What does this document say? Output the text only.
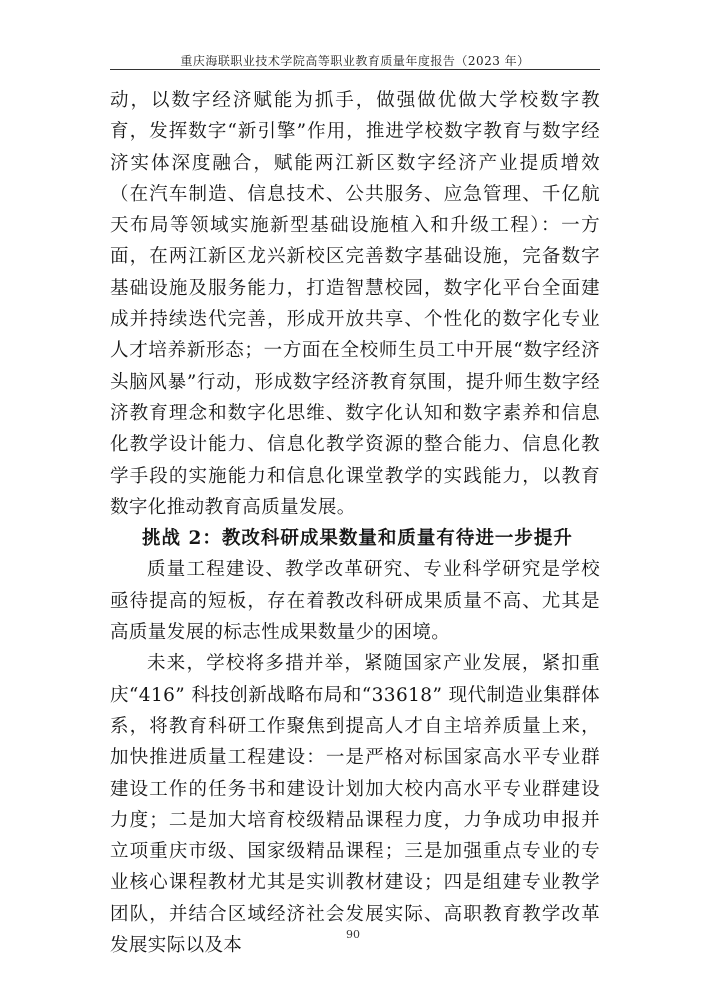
重庆海联职业技术学院高等职业教育质量年度报告（2023 年）

动，以数字经济赋能为抓手，做强做优做大学校数字教育，发挥数字“新引擎”作用，推进学校数字教育与数字经济实体深度融合，赋能两江新区数字经济产业提质增效（在汽车制造、信息技术、公共服务、应急管理、千亿航天布局等领域实施新型基础设施植入和升级工程）：一方面，在两江新区龙兴新校区完善数字基础设施，完备数字基础设施及服务能力，打造智慧校园，数字化平台全面建成并持续迭代完善，形成开放共享、个性化的数字化专业人才培养新形态；一方面在全校师生员工中开展“数字经济头脑风暴”行动，形成数字经济教育氛围，提升师生数字经济教育理念和数字化思维、数字化认知和数字素养和信息化教学设计能力、信息化教学资源的整合能力、信息化教学手段的实施能力和信息化课堂教学的实践能力，以教育数字化推动教育高质量发展。

挑战 2：教改科研成果数量和质量有待进一步提升

质量工程建设、教学改革研究、专业科学研究是学校亟待提高的短板，存在着教改科研成果质量不高、尤其是高质量发展的标志性成果数量少的困境。

未来，学校将多措并举，紧随国家产业发展，紧扣重庆“416” 科技创新战略布局和“33618” 现代制造业集群体系，将教育科研工作聚焦到提高人才自主培养质量上来，加快推进质量工程建设：一是严格对标国家高水平专业群建设工作的任务书和建设计划加大校内高水平专业群建设力度；二是加大培育校级精品课程力度，力争成功申报并立项重庆市级、国家级精品课程；三是加强重点专业的专业核心课程教材尤其是实训教材建设；四是组建专业教学团队，并结合区域经济社会发展实际、高职教育教学改革发展实际以及本

90
